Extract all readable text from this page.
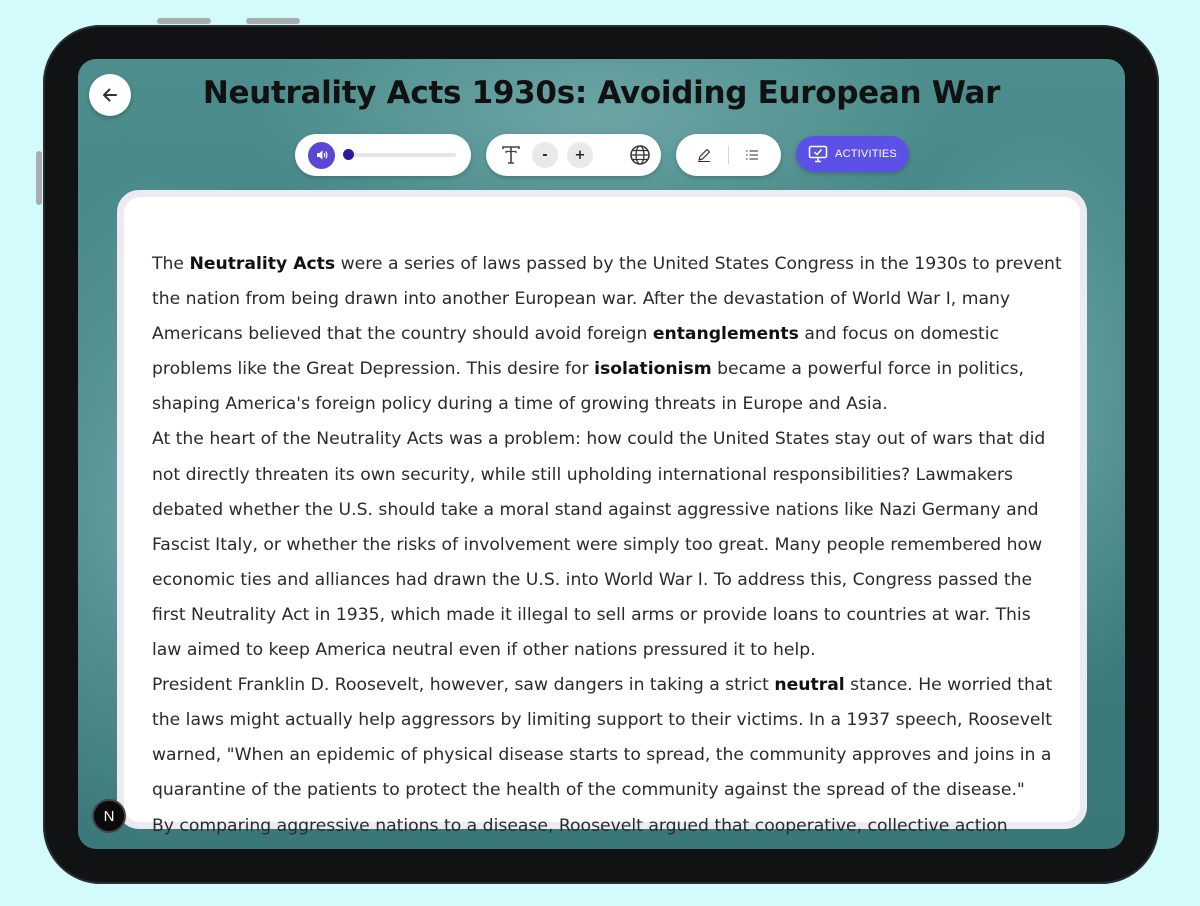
Neutrality Acts 1930s: Avoiding European War
-	+	ACTIVITIES

The Neutrality Acts were a series of laws passed by the United States Congress in the 1930s to prevent the nation from being drawn into another European war. After the devastation of World War I, many Americans believed that the country should avoid foreign entanglements and focus on domestic problems like the Great Depression. This desire for isolationism became a powerful force in politics, shaping America's foreign policy during a time of growing threats in Europe and Asia.

At the heart of the Neutrality Acts was a problem: how could the United States stay out of wars that did not directly threaten its own security, while still upholding international responsibilities? Lawmakers debated whether the U.S. should take a moral stand against aggressive nations like Nazi Germany and Fascist Italy, or whether the risks of involvement were simply too great. Many people remembered how economic ties and alliances had drawn the U.S. into World War I. To address this, Congress passed the first Neutrality Act in 1935, which made it illegal to sell arms or provide loans to countries at war. This law aimed to keep America neutral even if other nations pressured it to help.

President Franklin D. Roosevelt, however, saw dangers in taking a strict neutral stance. He worried that the laws might actually help aggressors by limiting support to their victims. In a 1937 speech, Roosevelt warned, "When an epidemic of physical disease starts to spread, the community approves and joins in a quarantine of the patients to protect the health of the community against the spread of the disease."

By comparing aggressive nations to a disease, Roosevelt argued that cooperative, collective action

N
